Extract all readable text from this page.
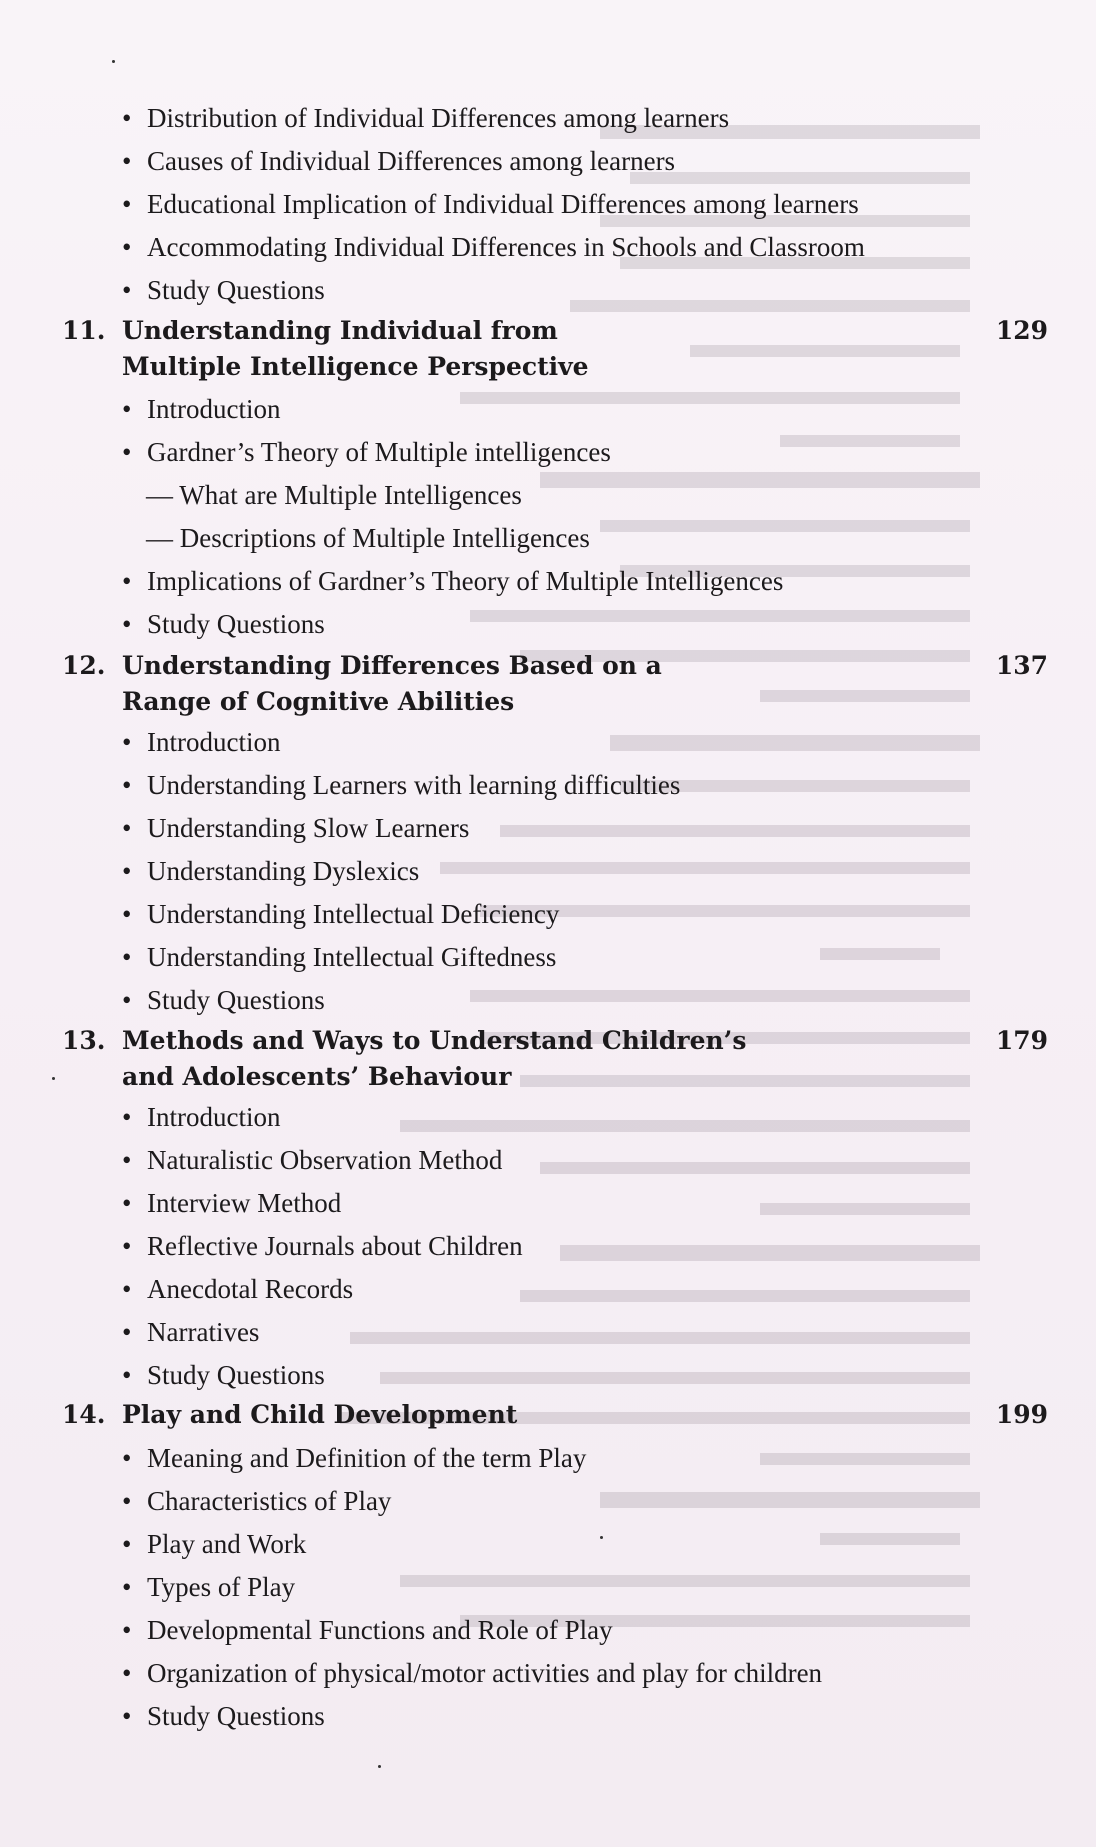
• Distribution of Individual Differences among learners
• Causes of Individual Differences among learners
• Educational Implication of Individual Differences among learners
• Accommodating Individual Differences in Schools and Classroom
• Study Questions
11. Understanding Individual from
Multiple Intelligence Perspective
129
• Introduction
• Gardner’s Theory of Multiple intelligences
— What are Multiple Intelligences
— Descriptions of Multiple Intelligences
• Implications of Gardner’s Theory of Multiple Intelligences
• Study Questions
12. Understanding Differences Based on a
Range of Cognitive Abilities
137
• Introduction
• Understanding Learners with learning difficulties
• Understanding Slow Learners
• Understanding Dyslexics
• Understanding Intellectual Deficiency
• Understanding Intellectual Giftedness
• Study Questions
13. Methods and Ways to Understand Children’s
and Adolescents’ Behaviour
179
• Introduction
• Naturalistic Observation Method
• Interview Method
• Reflective Journals about Children
• Anecdotal Records
• Narratives
• Study Questions
14. Play and Child Development	199
• Meaning and Definition of the term Play
• Characteristics of Play
• Play and Work
• Types of Play
• Developmental Functions and Role of Play
• Organization of physical/motor activities and play for children
• Study Questions
